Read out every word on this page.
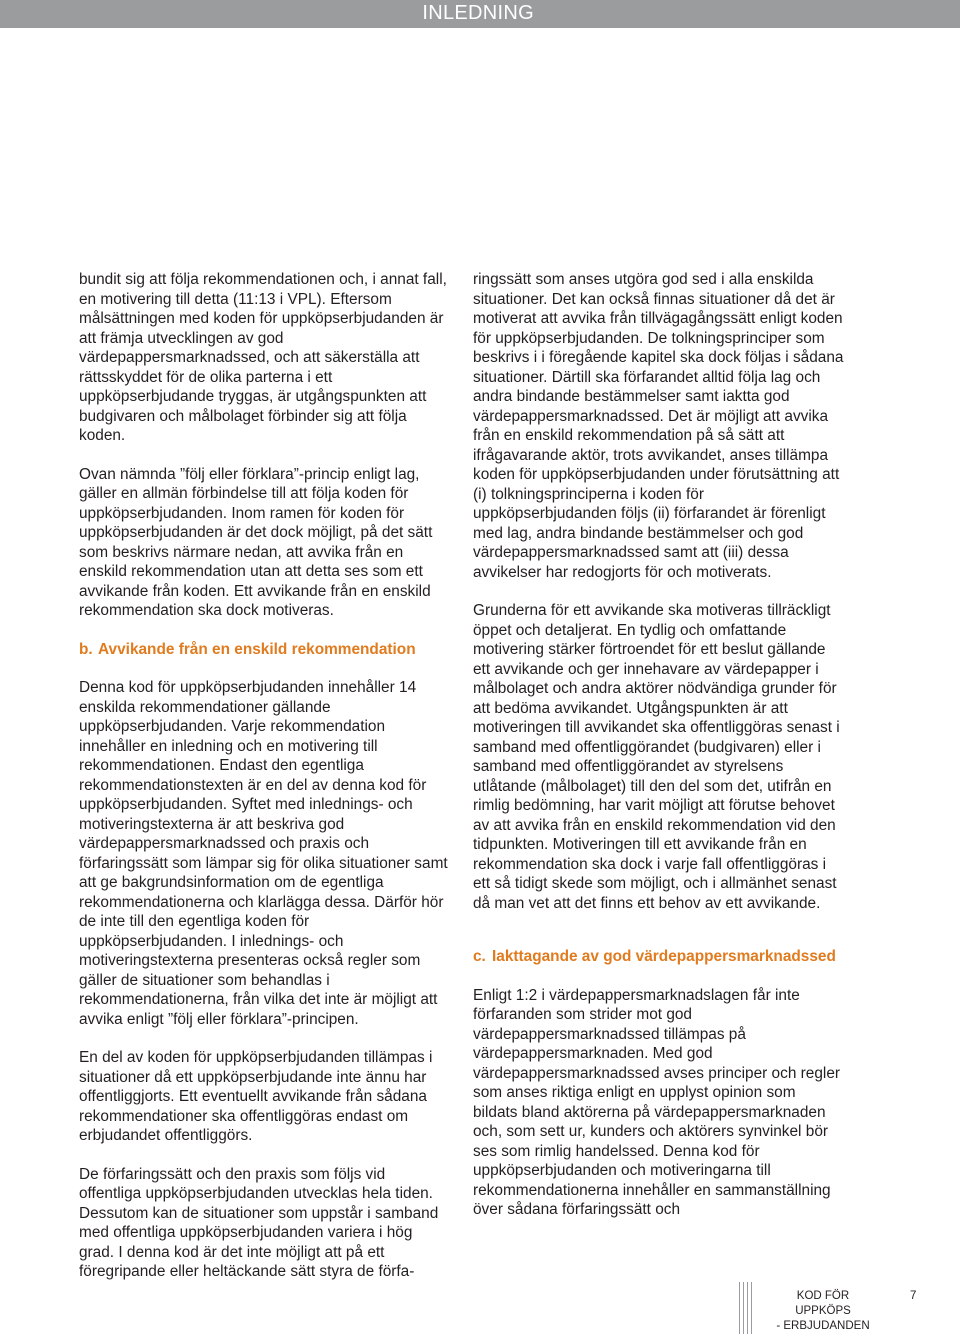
INLEDNING

bundit sig att följa rekommendationen och, i annat fall, en motivering till detta (11:13 i VPL). Eftersom målsättningen med koden för uppköpserbjudanden är att främja utvecklingen av god värdepappersmarknadssed, och att säkerställa att rättsskyddet för de olika parterna i ett uppköpserbjudande tryggas, är utgångspunkten att budgivaren och målbolaget förbinder sig att följa koden.

Ovan nämnda ”följ eller förklara”-princip enligt lag, gäller en allmän förbindelse till att följa koden för uppköpserbjudanden. Inom ramen för koden för uppköpserbjudanden är det dock möjligt, på det sätt som beskrivs närmare nedan, att avvika från en enskild rekommendation utan att detta ses som ett avvikande från koden. Ett avvikande från en enskild rekommendation ska dock motiveras.

b. Avvikande från en enskild rekommendation

Denna kod för uppköpserbjudanden innehåller 14 enskilda rekommendationer gällande uppköpserbjudanden. Varje rekommendation innehåller en inledning och en motivering till rekommendationen. Endast den egentliga rekommendationstexten är en del av denna kod för uppköpserbjudanden. Syftet med inlednings- och motiveringstexterna är att beskriva god värdepappersmarknadssed och praxis och förfaringssätt som lämpar sig för olika situationer samt att ge bakgrundsinformation om de egentliga rekommendationerna och klarlägga dessa. Därför hör de inte till den egentliga koden för uppköpserbjudanden. I inlednings- och motiveringstexterna presenteras också regler som gäller de situationer som behandlas i rekommendationerna, från vilka det inte är möjligt att avvika enligt ”följ eller förklara”-principen.

En del av koden för uppköpserbjudanden tillämpas i situationer då ett uppköpserbjudande inte ännu har offentliggjorts. Ett eventuellt avvikande från sådana rekommendationer ska offentliggöras endast om erbjudandet offentliggörs.

De förfaringssätt och den praxis som följs vid offentliga uppköpserbjudanden utvecklas hela tiden. Dessutom kan de situationer som uppstår i samband med offentliga uppköpserbjudanden variera i hög grad. I denna kod är det inte möjligt att på ett föregripande eller heltäckande sätt styra de förfa-

ringssätt som anses utgöra god sed i alla enskilda situationer. Det kan också finnas situationer då det är motiverat att avvika från tillvägagångssätt enligt koden för uppköpserbjudanden. De tolkningsprinciper som beskrivs i i föregående kapitel ska dock följas i sådana situationer. Därtill ska förfarandet alltid följa lag och andra bindande bestämmelser samt iaktta god värdepappersmarknadssed. Det är möjligt att avvika från en enskild rekommendation på så sätt att ifrågavarande aktör, trots avvikandet, anses tillämpa koden för uppköpserbjudanden under förutsättning att (i) tolkningsprinciperna i koden för uppköpserbjudanden följs (ii) förfarandet är förenligt med lag, andra bindande bestämmelser och god värdepappersmarknadssed samt att (iii) dessa avvikelser har redogjorts för och motiverats.

Grunderna för ett avvikande ska motiveras tillräckligt öppet och detaljerat. En tydlig och omfattande motivering stärker förtroendet för ett beslut gällande ett avvikande och ger innehavare av värdepapper i målbolaget och andra aktörer nödvändiga grunder för att bedöma avvikandet. Utgångspunkten är att motiveringen till avvikandet ska offentliggöras senast i samband med offentliggörandet (budgivaren) eller i samband med offentliggörandet av styrelsens utlåtande (målbolaget) till den del som det, utifrån en rimlig bedömning, har varit möjligt att förutse behovet av att avvika från en enskild rekommendation vid den tidpunkten. Motiveringen till ett avvikande från en rekommendation ska dock i varje fall offentliggöras i ett så tidigt skede som möjligt, och i allmänhet senast då man vet att det finns ett behov av ett avvikande.

c. Iakttagande av god värdepappersmarknadssed

Enligt 1:2 i värdepappersmarknadslagen får inte förfaranden som strider mot god värdepappersmarknadssed tillämpas på värdepappersmarknaden. Med god värdepappersmarknadssed avses principer och regler som anses riktiga enligt en upplyst opinion som bildats bland aktörerna på värdepappersmarknaden och, som sett ur, kunders och aktörers synvinkel bör ses som rimlig handelssed. Denna kod för uppköpserbjudanden och motiveringarna till rekommendationerna innehåller en sammanställning över sådana förfaringssätt och

KOD FÖR UPPKÖPS
- ERBJUDANDEN
7
